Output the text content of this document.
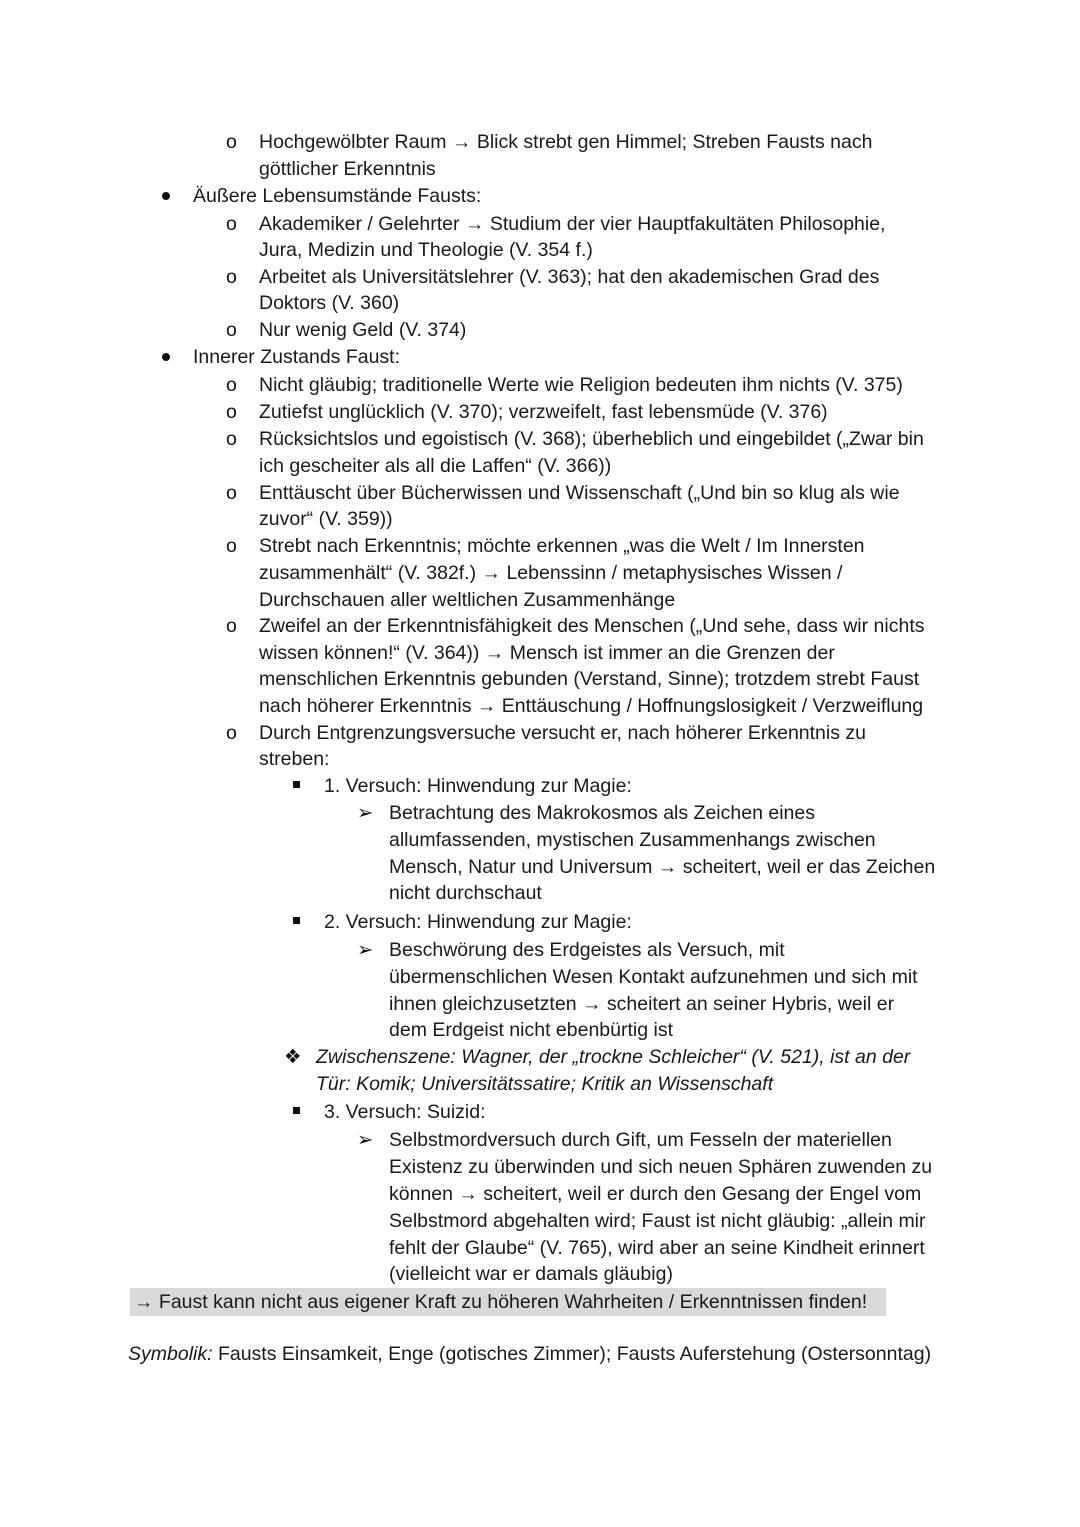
o
o
o
o
o
o
o
o
o
o
o
➢
➢
➢
❖
Hochgewölbter Raum → Blick strebt gen Himmel; Streben Fausts nach
göttlicher Erkenntnis
Äußere Lebensumstände Fausts:
Akademiker / Gelehrter → Studium der vier Hauptfakultäten Philosophie,
Jura, Medizin und Theologie (V. 354 f.)
Arbeitet als Universitätslehrer (V. 363); hat den akademischen Grad des
Doktors (V. 360)
Nur wenig Geld (V. 374)
Innerer Zustands Faust:
Nicht gläubig; traditionelle Werte wie Religion bedeuten ihm nichts (V. 375)
Zutiefst unglücklich (V. 370); verzweifelt, fast lebensmüde (V. 376)
Rücksichtslos und egoistisch (V. 368); überheblich und eingebildet („Zwar bin
ich gescheiter als all die Laffen“ (V. 366))
Enttäuscht über Bücherwissen und Wissenschaft („Und bin so klug als wie
zuvor“ (V. 359))
Strebt nach Erkenntnis; möchte erkennen „was die Welt / Im Innersten
zusammenhält“ (V. 382f.) → Lebenssinn / metaphysisches Wissen /
Durchschauen aller weltlichen Zusammenhänge
Zweifel an der Erkenntnisfähigkeit des Menschen („Und sehe, dass wir nichts
wissen können!“ (V. 364)) → Mensch ist immer an die Grenzen der
menschlichen Erkenntnis gebunden (Verstand, Sinne); trotzdem strebt Faust
nach höherer Erkenntnis → Enttäuschung / Hoffnungslosigkeit / Verzweiflung
Durch Entgrenzungsversuche versucht er, nach höherer Erkenntnis zu
streben:
1. Versuch: Hinwendung zur Magie:
Betrachtung des Makrokosmos als Zeichen eines
allumfassenden, mystischen Zusammenhangs zwischen
Mensch, Natur und Universum → scheitert, weil er das Zeichen
nicht durchschaut
2. Versuch: Hinwendung zur Magie:
Beschwörung des Erdgeistes als Versuch, mit
übermenschlichen Wesen Kontakt aufzunehmen und sich mit
ihnen gleichzusetzten → scheitert an seiner Hybris, weil er
dem Erdgeist nicht ebenbürtig ist
Zwischenszene: Wagner, der „trockne Schleicher“ (V. 521), ist an der
Tür: Komik; Universitätssatire; Kritik an Wissenschaft
3. Versuch: Suizid:
Selbstmordversuch durch Gift, um Fesseln der materiellen
Existenz zu überwinden und sich neuen Sphären zuwenden zu
können → scheitert, weil er durch den Gesang der Engel vom
Selbstmord abgehalten wird; Faust ist nicht gläubig: „allein mir
fehlt der Glaube“ (V. 765), wird aber an seine Kindheit erinnert
(vielleicht war er damals gläubig)
→ Faust kann nicht aus eigener Kraft zu höheren Wahrheiten / Erkenntnissen finden!
Symbolik: Fausts Einsamkeit, Enge (gotisches Zimmer); Fausts Auferstehung (Ostersonntag)
